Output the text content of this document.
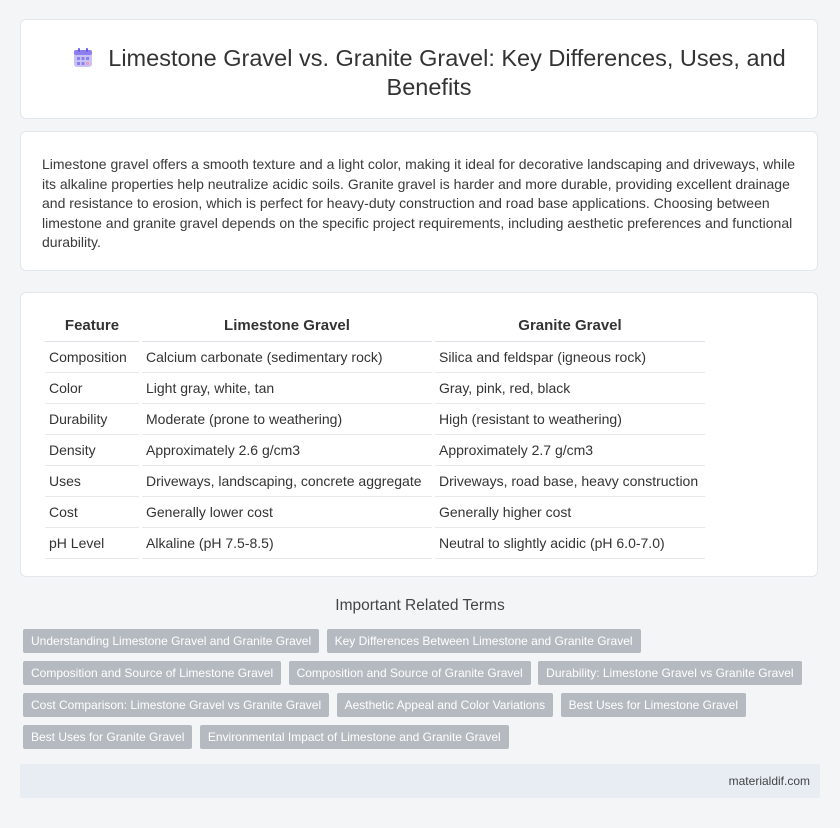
Limestone Gravel vs. Granite Gravel: Key Differences, Uses, and Benefits

Limestone gravel offers a smooth texture and a light color, making it ideal for decorative landscaping and driveways, while its alkaline properties help neutralize acidic soils. Granite gravel is harder and more durable, providing excellent drainage and resistance to erosion, which is perfect for heavy-duty construction and road base applications. Choosing between limestone and granite gravel depends on the specific project requirements, including aesthetic preferences and functional durability.

Feature	Limestone Gravel	Granite Gravel
Composition	Calcium carbonate (sedimentary rock)	Silica and feldspar (igneous rock)
Color	Light gray, white, tan	Gray, pink, red, black
Durability	Moderate (prone to weathering)	High (resistant to weathering)
Density	Approximately 2.6 g/cm3	Approximately 2.7 g/cm3
Uses	Driveways, landscaping, concrete aggregate	Driveways, road base, heavy construction
Cost	Generally lower cost	Generally higher cost
pH Level	Alkaline (pH 7.5-8.5)	Neutral to slightly acidic (pH 6.0-7.0)
Important Related Terms
Understanding Limestone Gravel and Granite Gravel Key Differences Between Limestone and Granite Gravel
Composition and Source of Limestone Gravel Composition and Source of Granite Gravel Durability: Limestone Gravel vs Granite Gravel
Cost Comparison: Limestone Gravel vs Granite Gravel Aesthetic Appeal and Color Variations Best Uses for Limestone Gravel
Best Uses for Granite Gravel Environmental Impact of Limestone and Granite Gravel
materialdif.com
